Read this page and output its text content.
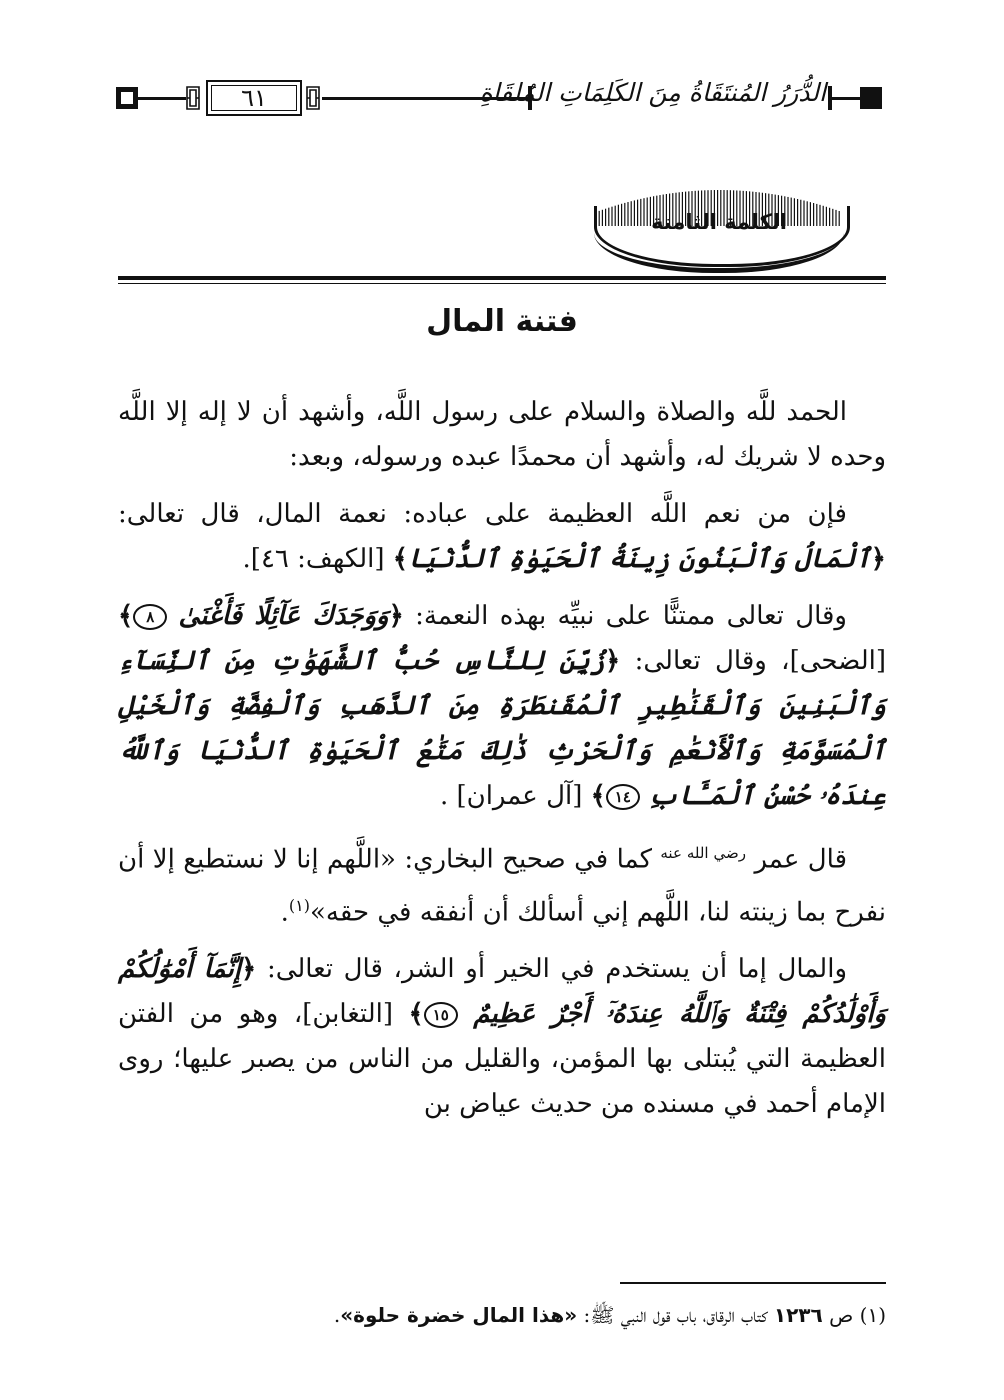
٦١	الدُّرَرُ المُنتَقَاةُ مِنَ الكَلِمَاتِ المُلقَاةِ
الكلمة الثامنة
فتنة المال

  الحمد للَّه والصلاة والسلام على رسول اللَّه، وأشهد أن لا إله إلا اللَّه وحده لا شريك له، وأشهد أن محمدًا عبده ورسوله، وبعد:

  فإن من نعم اللَّه العظيمة على عباده: نعمة المال، قال تعالى: ﴿ٱلْمَالُ وَٱلْبَنُونَ زِينَةُ ٱلْحَيَوٰةِ ٱلدُّنْيَا﴾ [الكهف: ٤٦].

  وقال تعالى ممتنًّا على نبيِّه بهذه النعمة: ﴿وَوَجَدَكَ عَآئِلًا فَأَغْنَىٰ ٨﴾ [الضحى]، وقال تعالى: ﴿زُيِّنَ لِلنَّاسِ حُبُّ ٱلشَّهَوَٰتِ مِنَ ٱلنِّسَآءِ وَٱلْبَنِينَ وَٱلْقَنَٰطِيرِ ٱلْمُقَنطَرَةِ مِنَ ٱلذَّهَبِ وَٱلْفِضَّةِ وَٱلْخَيْلِ ٱلْمُسَوَّمَةِ وَٱلْأَنْعَٰمِ وَٱلْحَرْثِ ذَٰلِكَ مَتَٰعُ ٱلْحَيَوٰةِ ٱلدُّنْيَا وَٱللَّهُ عِندَهُۥ حُسْنُ ٱلْمَـَٔابِ ١٤﴾ [آل عمران] .

  قال عمر $^{رضي الله عنه}$ كما في صحيح البخاري: «اللَّهم إنا لا نستطيع إلا أن نفرح بما زينته لنا، اللَّهم إني أسألك أن أنفقه في حقه»$^{(١)}$.

  والمال إما أن يستخدم في الخير أو الشر، قال تعالى: ﴿إِنَّمَآ أَمْوَٰلُكُمْ وَأَوْلَٰدُكُمْ فِتْنَةٌ وَٱللَّهُ عِندَهُۥٓ أَجْرٌ عَظِيمٌ ١٥﴾ [التغابن]، وهو من الفتن العظيمة التي يُبتلى بها المؤمن، والقليل من الناس من يصبر عليها؛ روى الإمام أحمد في مسنده من حديث عياض بن

(١) ص ١٢٣٦ كتاب الرقاق، باب قول النبي ﷺ: «هذا المال خضرة حلوة».
